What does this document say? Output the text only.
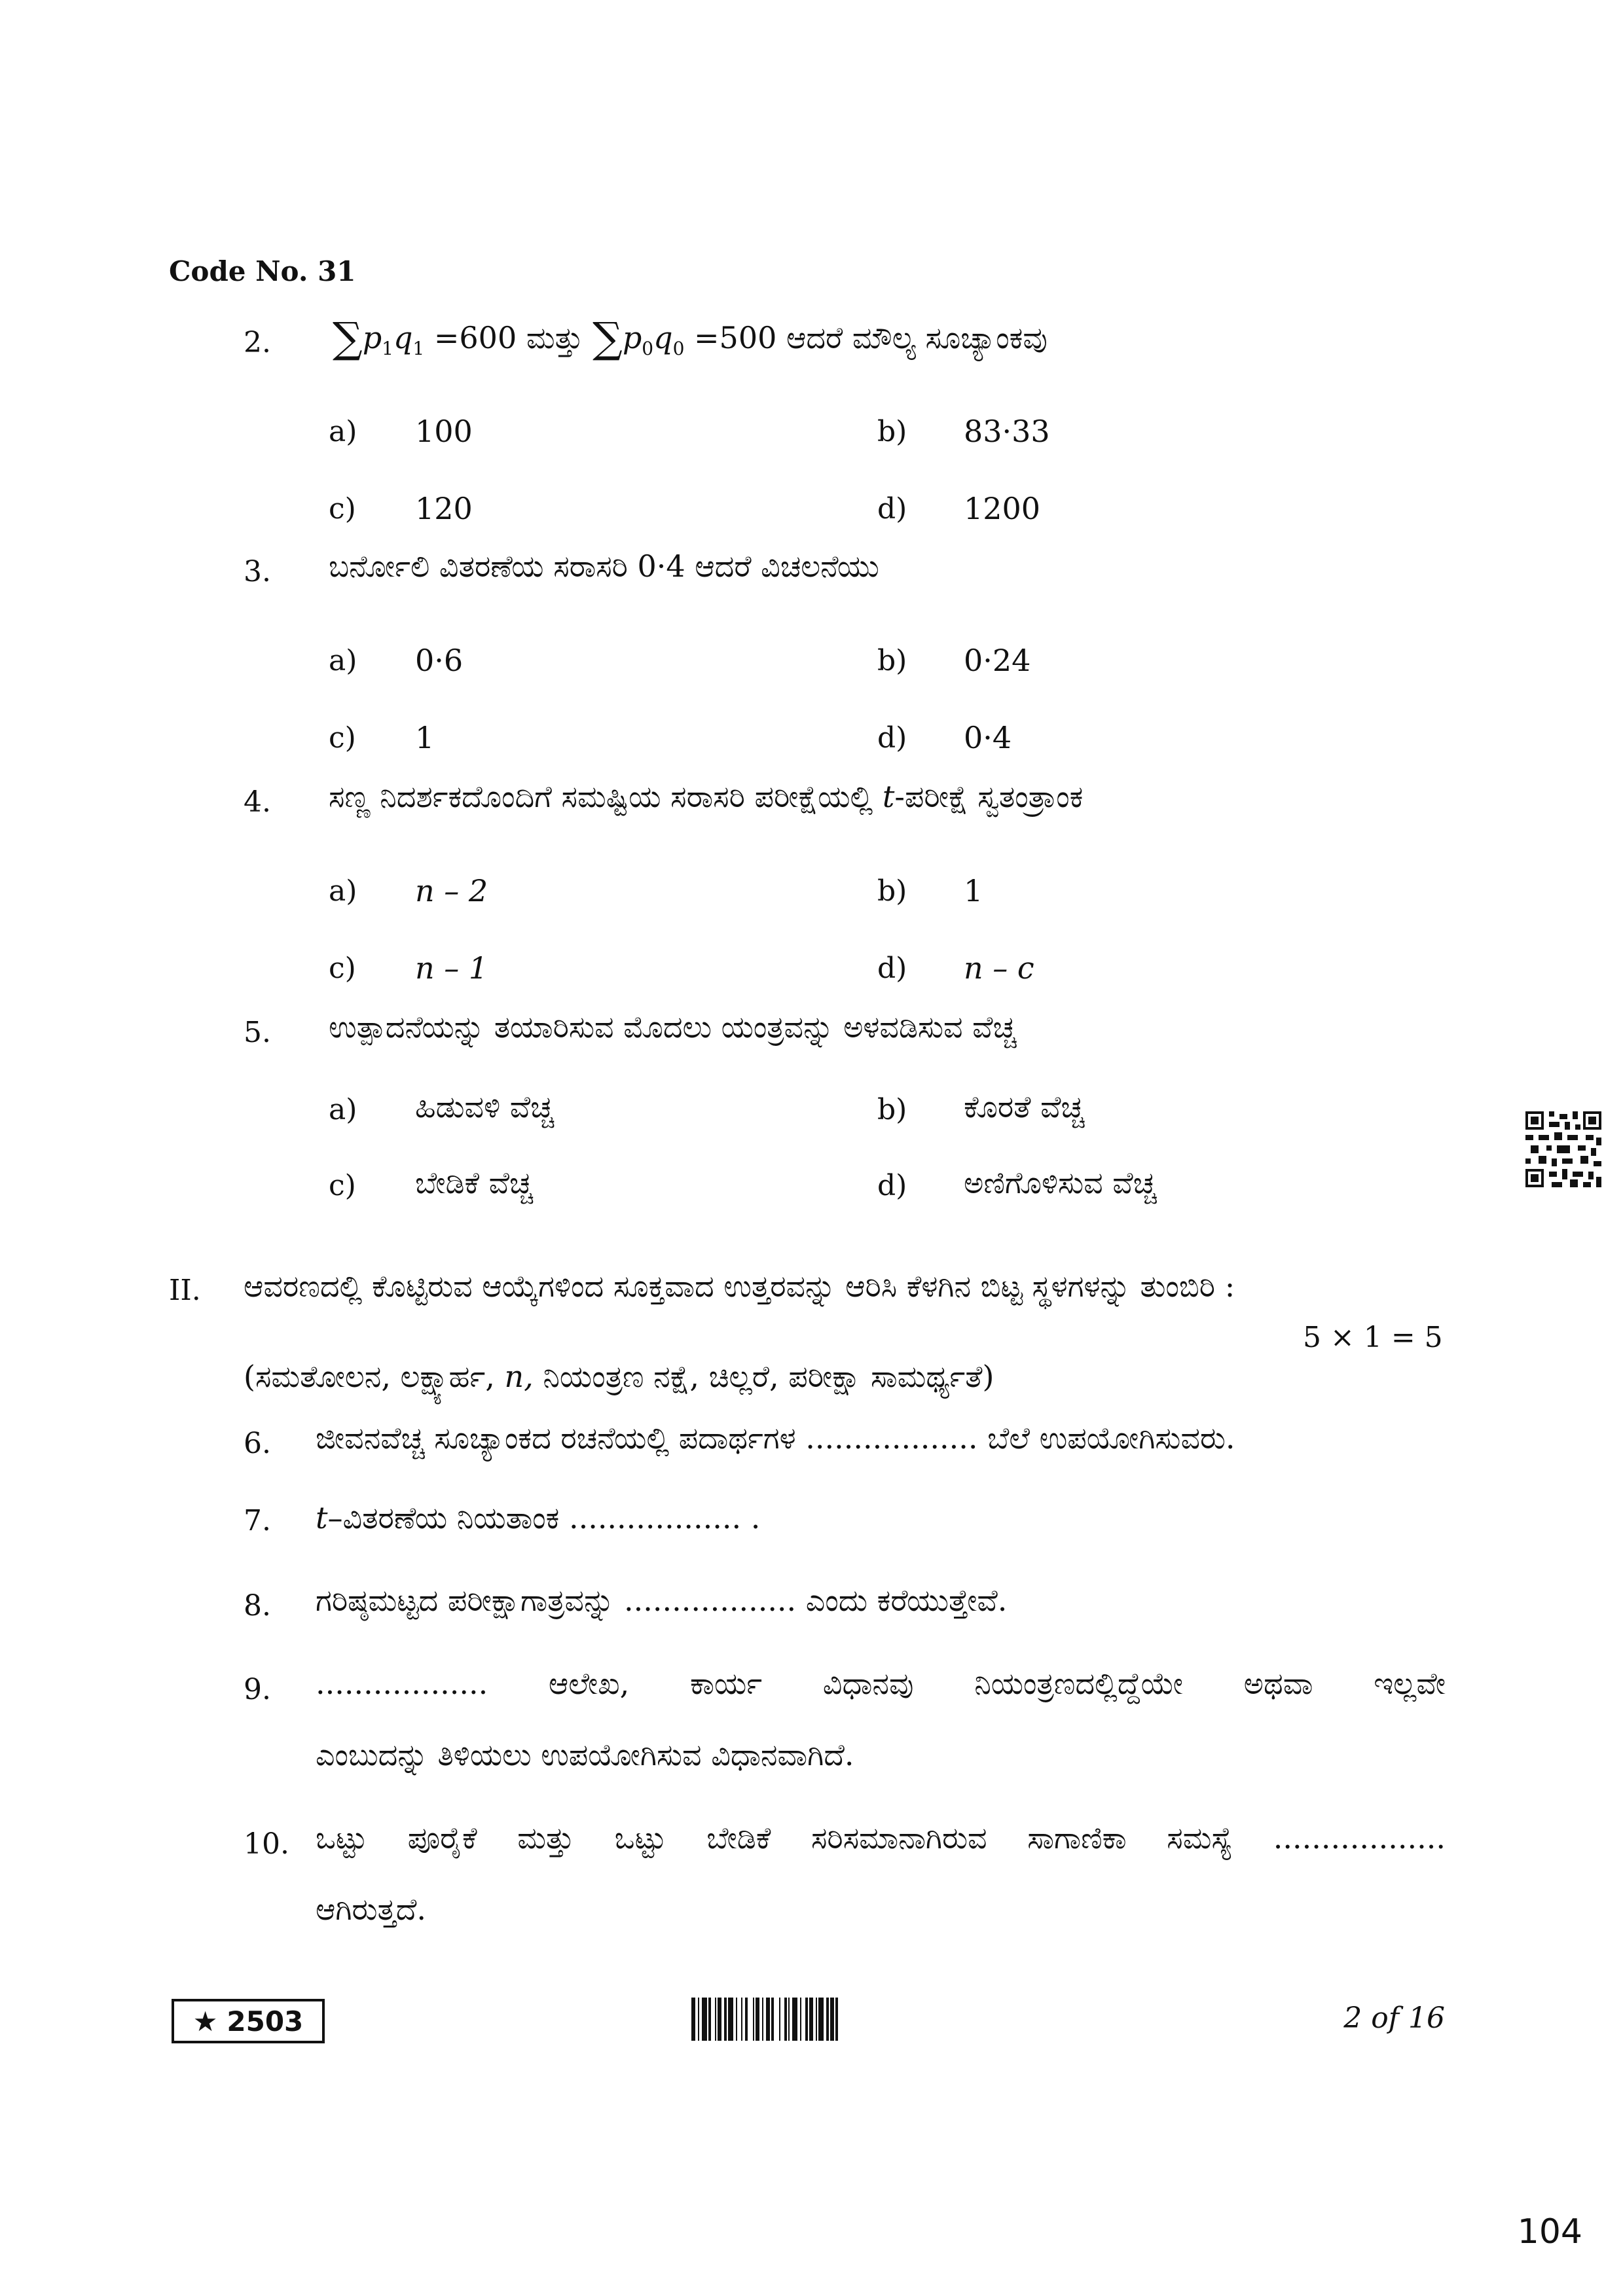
Code No. 31
2. $\sum p_1q_1 =600$ ಮತ್ತು $\sum p_0q_0 =500$ ಆದರೆ ಮೌಲ್ಯ ಸೂಚ್ಯಾಂಕವು
a) 100	b) 83·33
c) 120	d) 1200
3. ಬರ್ನೋಲಿ ವಿತರಣೆಯ ಸರಾಸರಿ 0·4 ಆದರೆ ವಿಚಲನೆಯು
a) 0·6	b) 0·24
c) 1	d) 0·4
4. ಸಣ್ಣ ನಿದರ್ಶಕದೊಂದಿಗೆ ಸಮಷ್ಟಿಯ ಸರಾಸರಿ ಪರೀಕ್ಷೆಯಲ್ಲಿ t-ಪರೀಕ್ಷೆ ಸ್ವತಂತ್ರಾಂಕ
a) n – 2	b) 1
c) n – 1	d) n – c
5. ಉತ್ಪಾದನೆಯನ್ನು ತಯಾರಿಸುವ ಮೊದಲು ಯಂತ್ರವನ್ನು ಅಳವಡಿಸುವ ವೆಚ್ಚ
a) ಹಿಡುವಳಿ ವೆಚ್ಚ	b) ಕೊರತೆ ವೆಚ್ಚ
c) ಬೇಡಿಕೆ ವೆಚ್ಚ	d) ಅಣಿಗೊಳಿಸುವ ವೆಚ್ಚ
II. ಆವರಣದಲ್ಲಿ ಕೊಟ್ಟಿರುವ ಆಯ್ಕೆಗಳಿಂದ ಸೂಕ್ತವಾದ ಉತ್ತರವನ್ನು ಆರಿಸಿ ಕೆಳಗಿನ ಬಿಟ್ಟ ಸ್ಥಳಗಳನ್ನು ತುಂಬಿರಿ :
5 × 1 = 5
(ಸಮತೋಲನ, ಲಕ್ಷ್ಯಾರ್ಹ, n, ನಿಯಂತ್ರಣ ನಕ್ಷೆ, ಚಿಲ್ಲರೆ, ಪರೀಕ್ಷಾ ಸಾಮರ್ಥ್ಯತೆ)
6. ಜೀವನವೆಚ್ಚ ಸೂಚ್ಯಾಂಕದ ರಚನೆಯಲ್ಲಿ ಪದಾರ್ಥಗಳ .................. ಬೆಲೆ ಉಪಯೋಗಿಸುವರು.
7. t–ವಿತರಣೆಯ ನಿಯತಾಂಕ .................. .
8. ಗರಿಷ್ಠಮಟ್ಟದ ಪರೀಕ್ಷಾಗಾತ್ರವನ್ನು .................. ಎಂದು ಕರೆಯುತ್ತೇವೆ.
9. .................. ಆಲೇಖ, ಕಾರ್ಯ ವಿಧಾನವು ನಿಯಂತ್ರಣದಲ್ಲಿದ್ದೆಯೇ ಅಥವಾ ಇಲ್ಲವೇ
ಎಂಬುದನ್ನು ತಿಳಿಯಲು ಉಪಯೋಗಿಸುವ ವಿಧಾನವಾಗಿದೆ.
10. ಒಟ್ಟು ಪೂರೈಕೆ ಮತ್ತು ಒಟ್ಟು ಬೇಡಿಕೆ ಸರಿಸಮಾನಾಗಿರುವ ಸಾಗಾಣಿಕಾ ಸಮಸ್ಯೆ ..................
ಆಗಿರುತ್ತದೆ.
★ 2503	2 of 16
104
